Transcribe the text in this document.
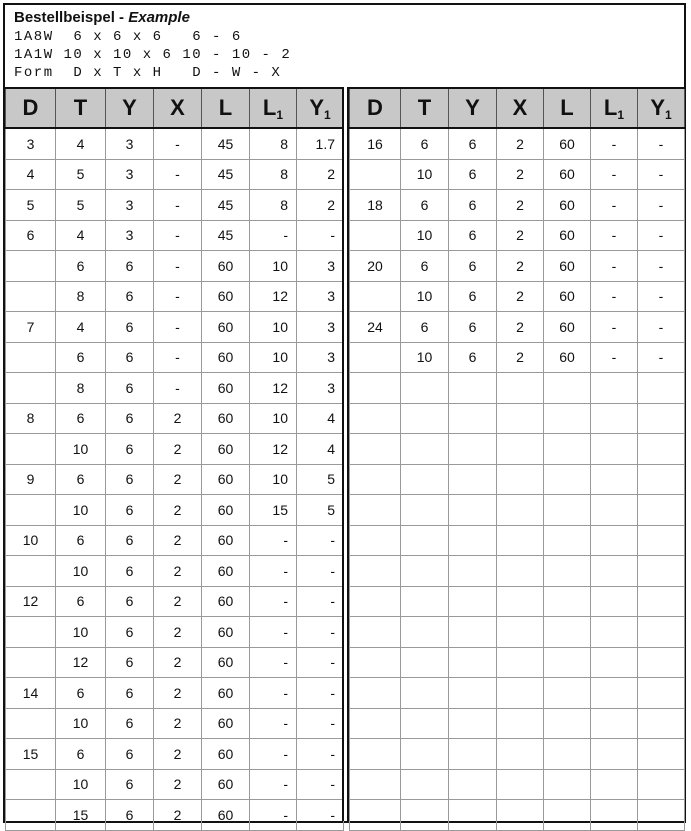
Bestellbeispel - Example
1A8W  6 x 6 x 6   6 - 6
1A1W 10 x 10 x 6 10 - 10 - 2
Form  D x T x H   D - W - X
D	T	Y	X	L	$L_1$	$Y_1$
3	4	3	-	45	8	1.7
4	5	3	-	45	8	2
5	5	3	-	45	8	2
6	4	3	-	45	-	-
	6	6	-	60	10	3
	8	6	-	60	12	3
7	4	6	-	60	10	3
	6	6	-	60	10	3
	8	6	-	60	12	3
8	6	6	2	60	10	4
	10	6	2	60	12	4
9	6	6	2	60	10	5
	10	6	2	60	15	5
10	6	6	2	60	-	-
	10	6	2	60	-	-
12	6	6	2	60	-	-
	10	6	2	60	-	-
	12	6	2	60	-	-
14	6	6	2	60	-	-
	10	6	2	60	-	-
15	6	6	2	60	-	-
	10	6	2	60	-	-
	15	6	2	60	-	-
D	T	Y	X	L	$L_1$	$Y_1$
16	6	6	2	60	-	-
	10	6	2	60	-	-
18	6	6	2	60	-	-
	10	6	2	60	-	-
20	6	6	2	60	-	-
	10	6	2	60	-	-
24	6	6	2	60	-	-
	10	6	2	60	-	-
